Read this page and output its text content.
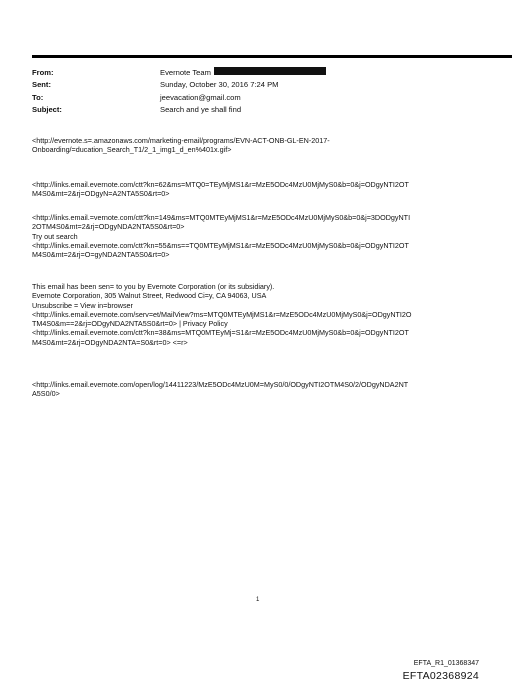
From:	Evernote Team
Sent:	Sunday, October 30, 2016 7:24 PM
To:	jeevacation@gmail.com
Subject:	Search and ye shall find
<http://evernote.s=.amazonaws.com/marketing-email/programs/EVN-ACT-ONB-GL-EN-2017-
Onboarding/=ducation_Search_T1/2_1_img1_d_en%401x.gif>
<http://links.email.evernote.com/ctt?kn=62&ms=MTQ0=TEyMjMS1&r=MzE5ODc4MzU0MjMyS0&b=0&j=ODgyNTI2OT
M4S0&mt=2&rj=ODgyN=A2NTA5S0&rt=0>
<http://links.email.=vernote.com/ctt?kn=149&ms=MTQ0MTEyMjMS1&r=MzE5ODc4MzU0MjMyS0&b=0&j=3DODgyNTI
2OTM4S0&mt=2&rj=ODgyNDA2NTA5S0&rt=0>
Try out search
<http://links.email.evernote.com/ctt?kn=55&ms==TQ0MTEyMjMS1&r=MzE5ODc4MzU0MjMyS0&b=0&j=ODgyNTI2OT
M4S0&mt=2&rj=O=gyNDA2NTA5S0&rt=0>
This email has been sen= to you by Evernote Corporation (or its subsidiary).
Evernote Corporation, 305 Walnut Street, Redwood Ci=y, CA 94063, USA
Unsubscribe = View in=browser
<http://links.email.evernote.com/serv=et/MailView?ms=MTQ0MTEyMjMS1&r=MzE5ODc4MzU0MjMyS0&j=ODgyNTI2O
TM4S0&m==2&rj=ODgyNDA2NTA5S0&rt=0> | Privacy Policy
<http://links.email.evernote.com/ctt?kn=38&ms=MTQ0MTEyMj=S1&r=MzE5ODc4MzU0MjMyS0&b=0&j=ODgyNTI2OT
M4S0&mt=2&rj=ODgyNDA2NTA=S0&rt=0> <=r>
<http://links.email.evernote.com/open/log/14411223/MzE5ODc4MzU0M=MyS0/0/ODgyNTI2OTM4S0/2/ODgyNDA2NT
A5S0/0>
1
EFTA_R1_01368347
EFTA02368924
